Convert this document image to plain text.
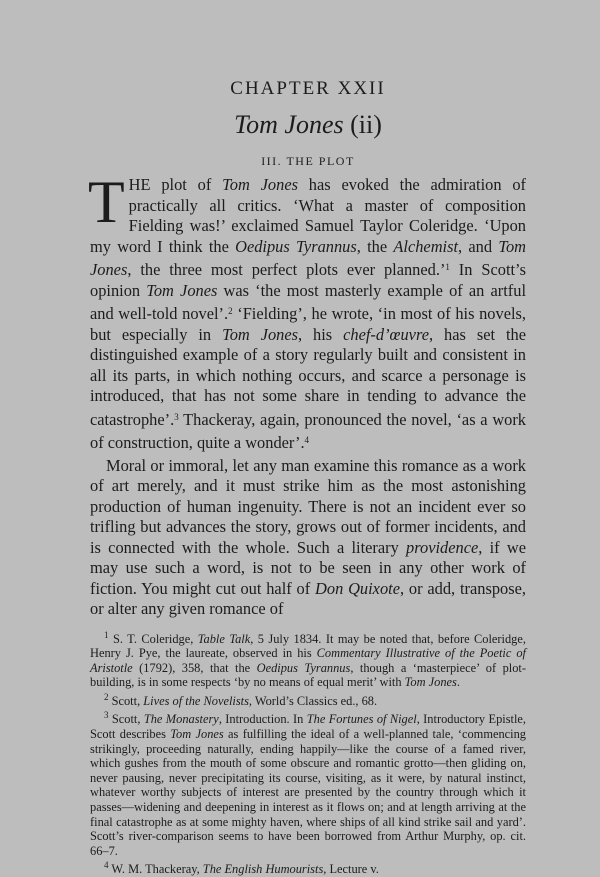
CHAPTER XXII
Tom Jones (ii)
III. THE PLOT

THE plot of Tom Jones has evoked the admiration of practically all critics. ‘What a master of composition Fielding was!’ exclaimed Samuel Taylor Coleridge. ‘Upon my word I think the Oedipus Tyrannus, the Alchemist, and Tom Jones, the three most perfect plots ever planned.’$^1$ In Scott’s opinion Tom Jones was ‘the most masterly example of an artful and well-told novel’.$^2$ ‘Fielding’, he wrote, ‘in most of his novels, but especially in Tom Jones, his chef-d’œuvre, has set the distinguished example of a story regularly built and consistent in all its parts, in which nothing occurs, and scarce a personage is introduced, that has not some share in tending to advance the catastrophe’.$^3$ Thackeray, again, pronounced the novel, ‘as a work of construction, quite a wonder’.$^4$

Moral or immoral, let any man examine this romance as a work of art merely, and it must strike him as the most astonishing production of human ingenuity. There is not an incident ever so trifling but advances the story, grows out of former incidents, and is connected with the whole. Such a literary providence, if we may use such a word, is not to be seen in any other work of fiction. You might cut out half of Don Quixote, or add, transpose, or alter any given romance of

$^1$ S. T. Coleridge, Table Talk, 5 July 1834. It may be noted that, before Coleridge, Henry J. Pye, the laureate, observed in his Commentary Illustrative of the Poetic of Aristotle (1792), 358, that the Oedipus Tyrannus, though a ‘masterpiece’ of plot-building, is in some respects ‘by no means of equal merit’ with Tom Jones.

$^2$ Scott, Lives of the Novelists, World’s Classics ed., 68.

$^3$ Scott, The Monastery, Introduction. In The Fortunes of Nigel, Introductory Epistle, Scott describes Tom Jones as fulfilling the ideal of a well-planned tale, ‘commencing strikingly, proceeding naturally, ending happily—like the course of a famed river, which gushes from the mouth of some obscure and romantic grotto—then gliding on, never pausing, never precipitating its course, visiting, as it were, by natural instinct, whatever worthy subjects of interest are presented by the country through which it passes—widening and deepening in interest as it flows on; and at length arriving at the final catastrophe as at some mighty haven, where ships of all kind strike sail and yard’. Scott’s river-comparison seems to have been borrowed from Arthur Murphy, op. cit. 66–7.

$^4$ W. M. Thackeray, The English Humourists, Lecture v.
